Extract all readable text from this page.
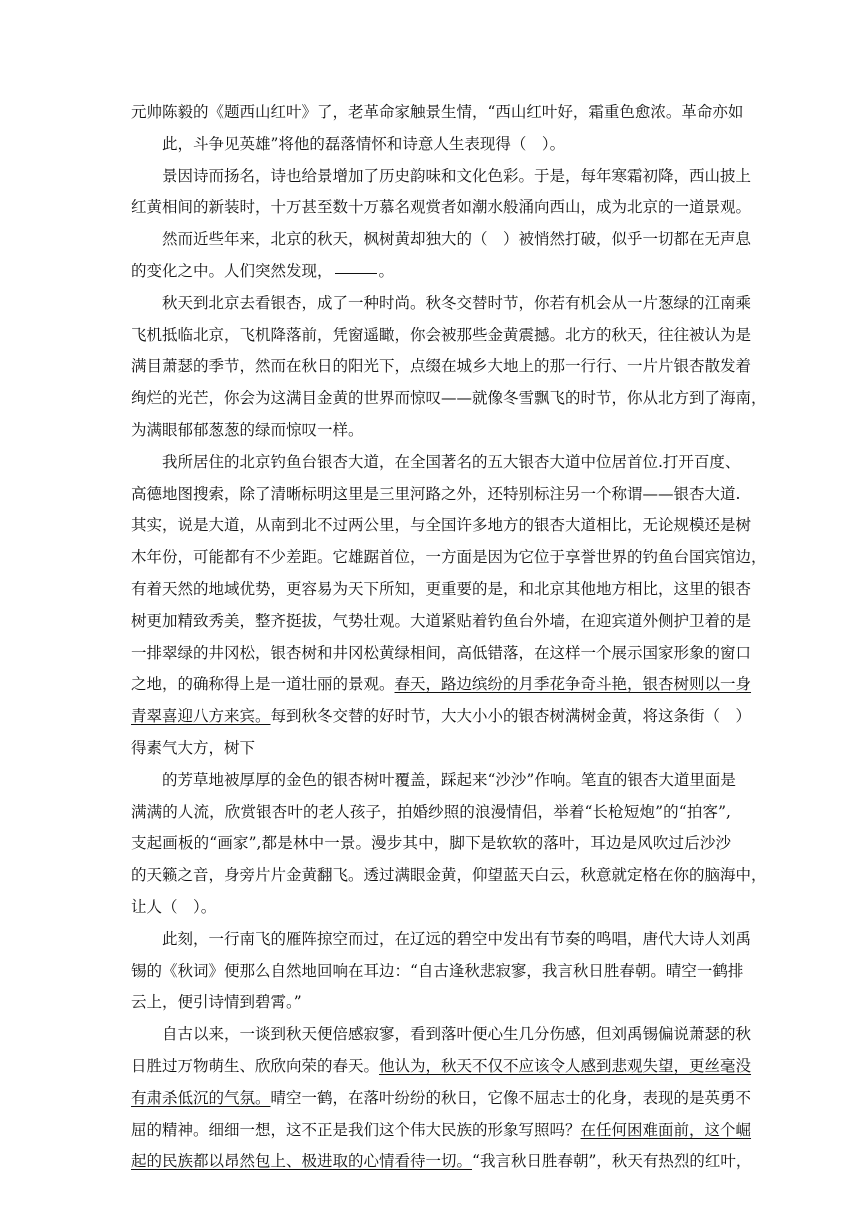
元帅陈毅的《题西山红叶》了，老革命家触景生情，“西山红叶好，霜重色愈浓。革命亦如
此，斗争见英雄”将他的磊落情怀和诗意人生表现得（　）。
景因诗而扬名，诗也给景增加了历史韵味和文化色彩。于是，每年寒霜初降，西山披上
红黄相间的新装时，十万甚至数十万慕名观赏者如潮水般涌向西山，成为北京的一道景观。
然而近些年来，北京的秋天，枫树黄却独大的（　）被悄然打破，似乎一切都在无声息
的变化之中。人们突然发现，	。
秋天到北京去看银杏，成了一种时尚。秋冬交替时节，你若有机会从一片葱绿的江南乘
飞机抵临北京，飞机降落前，凭窗遥瞰，你会被那些金黄震撼。北方的秋天，往往被认为是
满目萧瑟的季节，然而在秋日的阳光下，点缀在城乡大地上的那一行行、一片片银杏散发着
绚烂的光芒，你会为这满目金黄的世界而惊叹——就像冬雪飘飞的时节，你从北方到了海南，
为满眼郁郁葱葱的绿而惊叹一样。
我所居住的北京钓鱼台银杏大道，在全国著名的五大银杏大道中位居首位.打开百度、
高德地图搜索，除了清晰标明这里是三里河路之外，还特别标注另一个称谓——银杏大道.
其实，说是大道，从南到北不过两公里，与全国许多地方的银杏大道相比，无论规模还是树
木年份，可能都有不少差距。它雄踞首位，一方面是因为它位于享誉世界的钓鱼台国宾馆边，
有着天然的地域优势，更容易为天下所知，更重要的是，和北京其他地方相比，这里的银杏
树更加精致秀美，整齐挺拔，气势壮观。大道紧贴着钓鱼台外墙，在迎宾道外侧护卫着的是
一排翠绿的井冈松，银杏树和井冈松黄绿相间，高低错落，在这样一个展示国家形象的窗口
之地，的确称得上是一道壮丽的景观。春天，路边缤纷的月季花争奇斗艳，银杏树则以一身
青翠喜迎八方来宾。每到秋冬交替的好时节，大大小小的银杏树满树金黄，将这条街（　）
得素气大方，树下
的芳草地被厚厚的金色的银杏树叶覆盖，踩起来“沙沙”作响。笔直的银杏大道里面是
满满的人流，欣赏银杏叶的老人孩子，拍婚纱照的浪漫情侣，举着“长枪短炮”的“拍客”,
支起画板的“画家”,都是林中一景。漫步其中，脚下是软软的落叶，耳边是风吹过后沙沙
的天籁之音，身旁片片金黄翻飞。透过满眼金黄，仰望蓝天白云，秋意就定格在你的脑海中，
让人（　）。
此刻，一行南飞的雁阵掠空而过，在辽远的碧空中发出有节奏的鸣唱，唐代大诗人刘禹
锡的《秋词》便那么自然地回响在耳边：“自古逢秋悲寂寥，我言秋日胜春朝。晴空一鹤排
云上，便引诗情到碧霄。”
自古以来，一谈到秋天便倍感寂寥，看到落叶便心生几分伤感，但刘禹锡偏说萧瑟的秋
日胜过万物萌生、欣欣向荣的春天。他认为，秋天不仅不应该令人感到悲观失望，更丝毫没
有肃杀低沉的气氛。晴空一鹤，在落叶纷纷的秋日，它像不屈志士的化身，表现的是英勇不
屈的精神。细细一想，这不正是我们这个伟大民族的形象写照吗？在任何困难面前，这个崛
起的民族都以昂然包上、极进取的心情看待一切。“我言秋日胜春朝”，秋天有热烈的红叶，
